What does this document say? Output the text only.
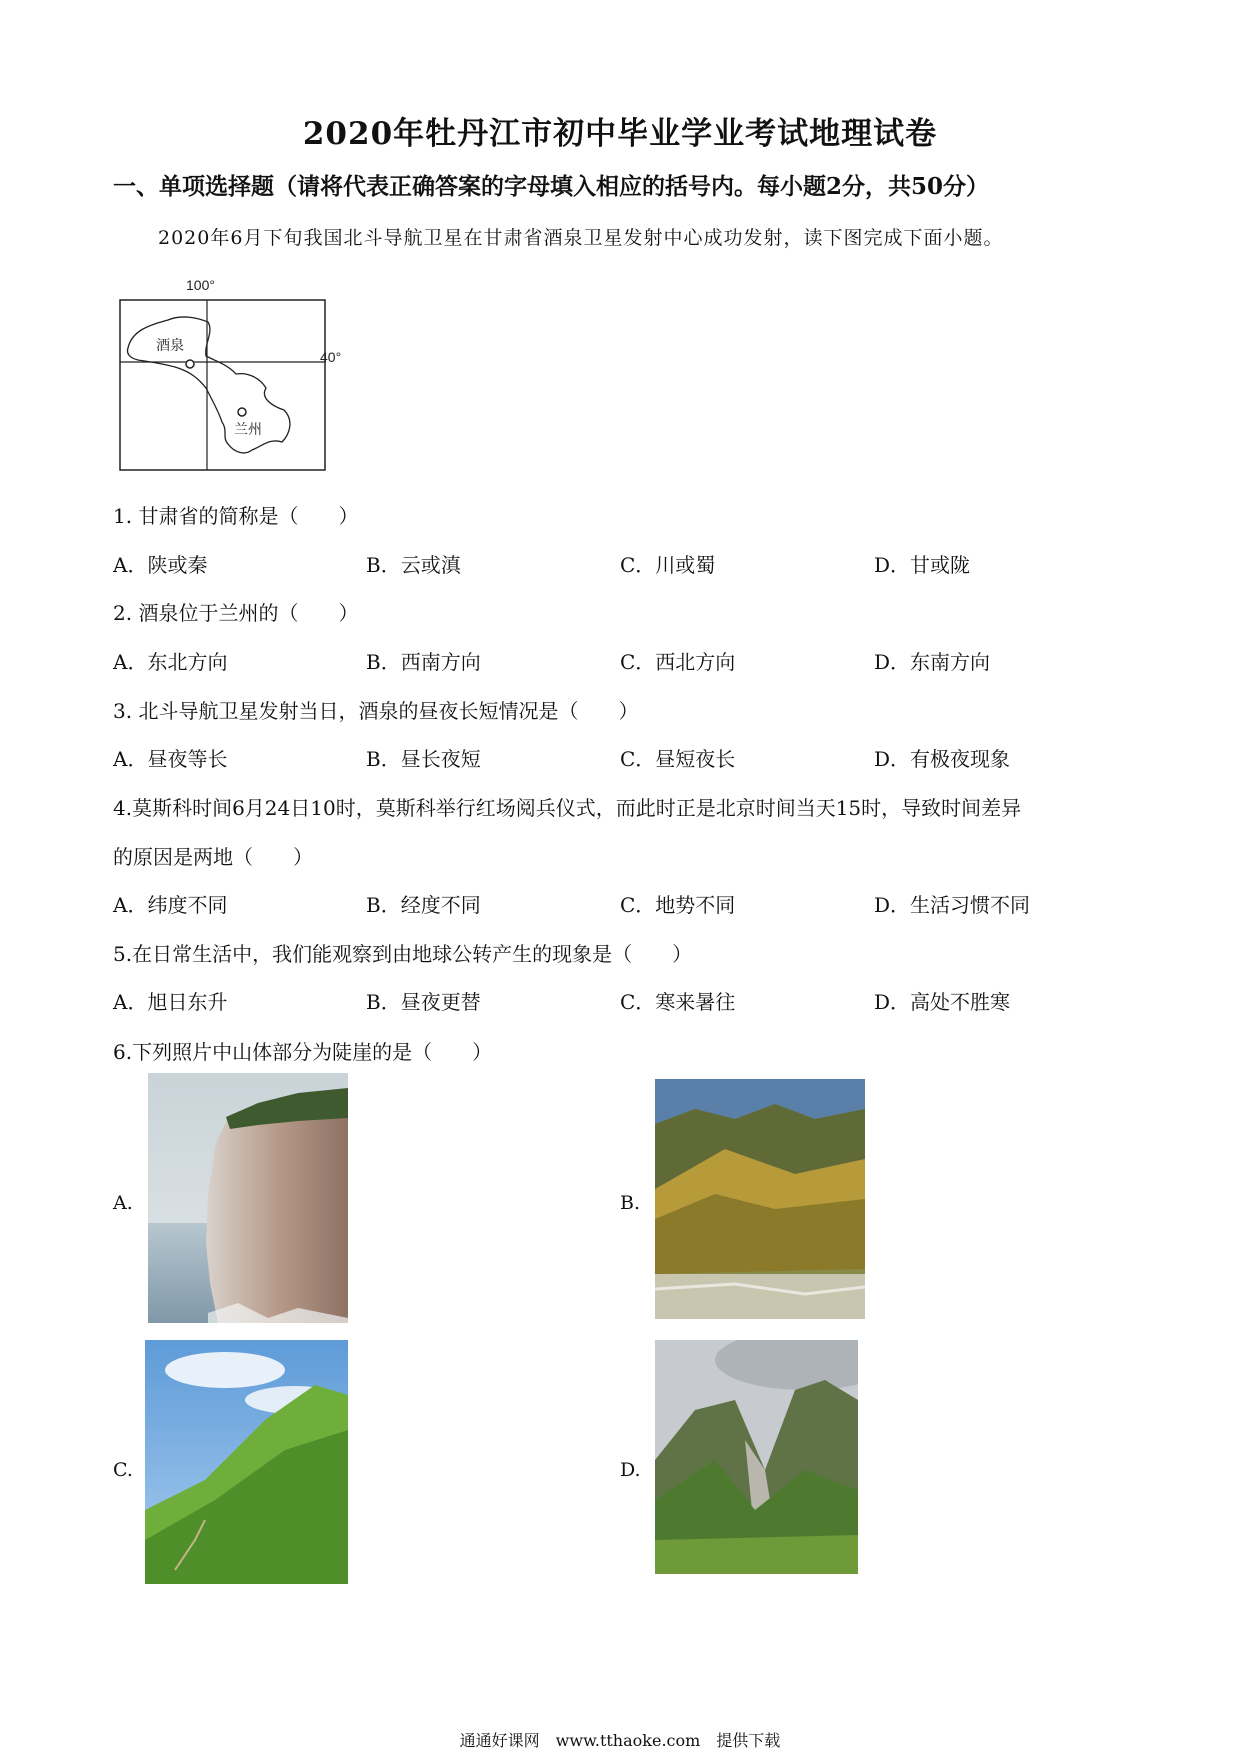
2020年牡丹江市初中毕业学业考试地理试卷
一、单项选择题（请将代表正确答案的字母填入相应的括号内。每小题2分，共50分）
2020年6月下旬我国北斗导航卫星在甘肃省酒泉卫星发射中心成功发射，读下图完成下面小题。
100°
40°
酒泉
兰州
1. 甘肃省的简称是（　　）
A．陕或秦	B．云或滇	C．川或蜀	D．甘或陇
2. 酒泉位于兰州的（　　）
A．东北方向	B．西南方向	C．西北方向	D．东南方向
3. 北斗导航卫星发射当日，酒泉的昼夜长短情况是（　　）
A．昼夜等长	B．昼长夜短	C．昼短夜长	D．有极夜现象
4.莫斯科时间6月24日10时，莫斯科举行红场阅兵仪式，而此时正是北京时间当天15时，导致时间差异
的原因是两地（　　）
A．纬度不同	B．经度不同	C．地势不同	D．生活习惯不同
5.在日常生活中，我们能观察到由地球公转产生的现象是（　　）
A．旭日东升	B．昼夜更替	C．寒来暑往	D．高处不胜寒
6.下列照片中山体部分为陡崖的是（　　）
A.	B.
C.	D.
通通好课网　www.tthaoke.com　提供下载
